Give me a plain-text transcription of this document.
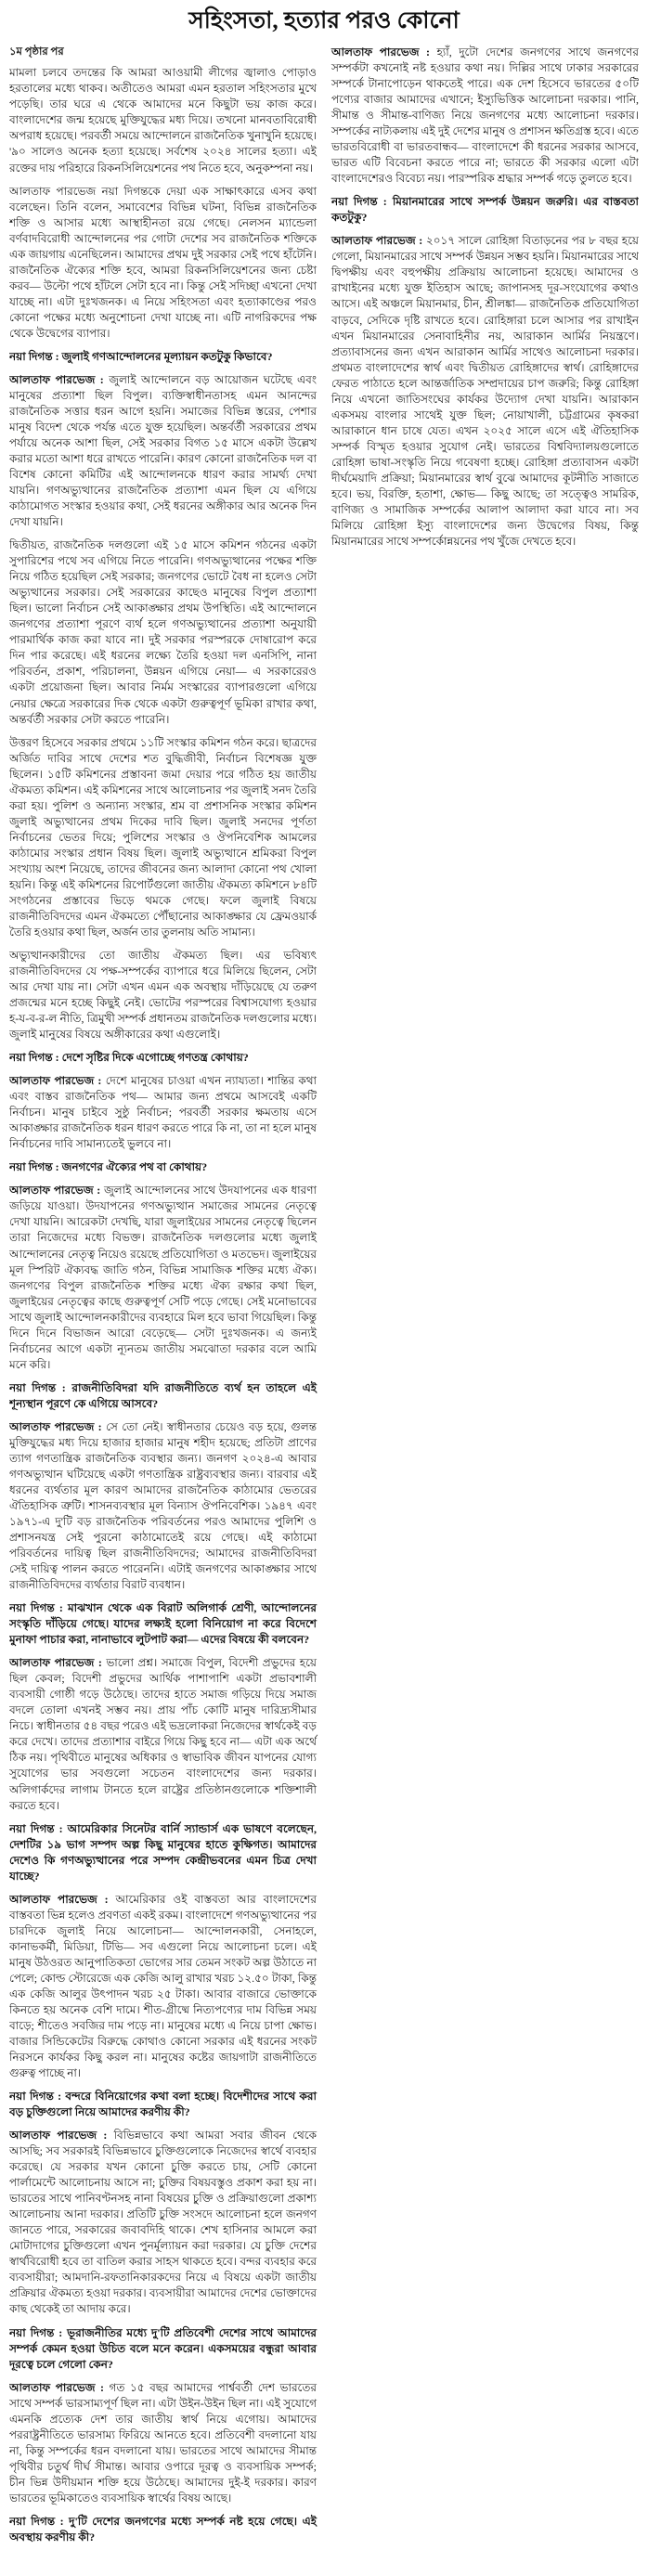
সহিংসতা, হত্যার পরও কোনো

১ম পৃষ্ঠার পর

মামলা চলবে তদন্তের কি আমরা আওয়ামী লীগের জ্বালাও পোড়াও হরতালের মধ্যে থাকব। অতীতেও আমরা এমন হরতাল সহিংসতার মুখে পড়েছি। তার ঘরে এ থেকে আমাদের মনে কিছুটা ভয় কাজ করে। বাংলাদেশের জন্ম হয়েছে মুক্তিযুদ্ধের মধ্য দিয়ে। তখনো মানবতাবিরোধী অপরাধ হয়েছে। পরবর্তী সময়ে আন্দোলনে রাজনৈতিক খুনাখুনি হয়েছে। '৯০ সালেও অনেক হত্যা হয়েছে। সর্বশেষ ২০২৪ সালের হত্যা। এই রক্তের দায় পরিহারে রিকনসিলিয়েশনের পথ নিতে হবে, অনুকম্পনা নয়।

আলতাফ পারভেজ নয়া দিগন্তকে দেয়া এক সাক্ষাৎকারে এসব কথা বলেছেন। তিনি বলেন, সমাবেশের বিভিন্ন ঘটনা, বিভিন্ন রাজনৈতিক শক্তি ও আসার মধ্যে আস্থাহীনতা রয়ে গেছে। নেলসন ম্যান্ডেলা বর্ণবাদবিরোধী আন্দোলনের পর গোটা দেশের সব রাজনৈতিক শক্তিকে এক জায়গায় এনেছিলেন। আমাদের প্রথম দুই সরকার সেই পথে হাঁটেনি। রাজনৈতিক ঐক্যের শক্তি হবে, আমরা রিকনসিলিয়েশনের জন্য চেষ্টা করব— উল্টো পথে হাঁটলে সেটা হবে না। কিন্তু সেই সদিচ্ছা এখনো দেখা যাচ্ছে না। এটা দুঃখজনক। এ নিয়ে সহিংসতা এবং হত্যাকাণ্ডের পরও কোনো পক্ষের মধ্যে অনুশোচনা দেখা যাচ্ছে না। এটি নাগরিকদের পক্ষ থেকে উদ্বেগের ব্যাপার।

নয়া দিগন্ত : জুলাই গণআন্দোলনের মূল্যায়ন কতটুকু কিভাবে?

আলতাফ পারভেজ : জুলাই আন্দোলনে বড় আয়োজন ঘটেছে এবং মানুষের প্রত্যাশা ছিল বিপুল। ব্যক্তিস্বাধীনতাসহ এমন আনন্দের রাজনৈতিক সত্তার ধরন আগে হয়নি। সমাজের বিভিন্ন স্তরের, পেশার মানুষ বিদেশ থেকে পর্যন্ত এতে যুক্ত হয়েছিল। অন্তর্বর্তী সরকারের প্রথম পর্যায়ে অনেক আশা ছিল, সেই সরকার বিগত ১৫ মাসে একটা উল্লেখ করার মতো আশা ধরে রাখতে পারেনি। কারণ কোনো রাজনৈতিক দল বা বিশেষ কোনো কমিটির এই আন্দোলনকে ধারণ করার সামর্থ্য দেখা যায়নি। গণঅভ্যুত্থানের রাজনৈতিক প্রত্যাশা এমন ছিল যে এগিয়ে কাঠামোগত সংস্কার হওয়ার কথা, সেই ধরনের অঙ্গীকার আর অনেক দিন দেখা যায়নি।

দ্বিতীয়ত, রাজনৈতিক দলগুলো এই ১৫ মাসে কমিশন গঠনের একটা সুপারিশের পথে সব এগিয়ে নিতে পারেনি। গণঅভ্যুত্থানের পক্ষের শক্তি নিয়ে গঠিত হয়েছিল সেই সরকার; জনগণের ভোটে বৈধ না হলেও সেটা অভ্যুত্থানের সরকার। সেই সরকারের কাছেও মানুষের বিপুল প্রত্যাশা ছিল। ভালো নির্বাচন সেই আকাঙ্ক্ষার প্রথম উপস্থিতি। এই আন্দোলনে জনগণের প্রত্যাশা পূরণে ব্যর্থ হলে গণঅভ্যুত্থানের প্রত্যাশা অনুযায়ী পারমার্থিক কাজ করা যাবে না। দুই সরকার পরস্পরকে দোষারোপ করে দিন পার করেছে। এই ধরনের লক্ষ্যে তৈরি হওয়া দল এনসিপি, নানা পরিবর্তন, প্রকাশ, পরিচালনা, উন্নয়ন এগিয়ে নেয়া— এ সরকারেরও একটা প্রয়োজনা ছিল। আবার নির্মম সংস্কারের ব্যাপারগুলো এগিয়ে নেয়ার ক্ষেত্রে সরকারের দিক থেকে একটা গুরুত্বপূর্ণ ভূমিকা রাখার কথা, অন্তর্বর্তী সরকার সেটা করতে পারেনি।

উত্তরণ হিসেবে সরকার প্রথমে ১১টি সংস্কার কমিশন গঠন করে। ছাত্রদের অর্জিত দাবির সাথে দেশের শত বুদ্ধিজীবী, নির্বাচন বিশেষজ্ঞ যুক্ত ছিলেন। ১৫টি কমিশনের প্রস্তাবনা জমা দেয়ার পরে গঠিত হয় জাতীয় ঐকমত্য কমিশন। এই কমিশনের সাথে আলোচনার পর জুলাই সনদ তৈরি করা হয়। পুলিশ ও অন্যান্য সংস্কার, শ্রম বা প্রশাসনিক সংস্কার কমিশন জুলাই অভ্যুত্থানের প্রথম দিকের দাবি ছিল। জুলাই সনদের পূর্ণতা নির্বাচনের ভেতর দিয়ে; পুলিশের সংস্কার ও ঔপনিবেশিক আমলের কাঠামোর সংস্কার প্রধান বিষয় ছিল। জুলাই অভ্যুত্থানে শ্রমিকরা বিপুল সংখ্যায় অংশ নিয়েছে, তাদের জীবনের জন্য আলাদা কোনো পথ খোলা হয়নি। কিন্তু এই কমিশনের রিপোর্টগুলো জাতীয় ঐকমত্য কমিশনে ৮৪টি সংগঠনের প্রস্তাবের ভিড়ে থমকে গেছে। ফলে জুলাই বিষয়ে রাজনীতিবিদদের এমন ঐকমত্যে পৌঁছানোর আকাঙ্ক্ষার যে ফ্রেমওয়ার্ক তৈরি হওয়ার কথা ছিল, অর্জন তার তুলনায় অতি সামান্য।

অভ্যুত্থানকারীদের তো জাতীয় ঐকমত্য ছিল। এর ভবিষ্যৎ রাজনীতিবিদদের যে পক্ষ-সম্পর্কের ব্যাপারে ধরে মিলিয়ে ছিলেন, সেটা আর দেখা যায় না। সেটা এখন এমন এক অবস্থায় দাঁড়িয়েছে যে তরুণ প্রজন্মের মনে হচ্ছে কিছুই নেই। ভোটের পরস্পরের বিশ্বাসযোগ্য হওয়ার হ-য-ব-র-ল নীতি, ত্রিমুখী সম্পর্ক প্রধানতম রাজনৈতিক দলগুলোর মধ্যে। জুলাই মানুষের বিষয়ে অঙ্গীকারের কথা এগুলোই।

নয়া দিগন্ত : দেশে সৃষ্টির দিকে এগোচ্ছে গণতন্ত্র কোথায়?

আলতাফ পারভেজ : দেশে মানুষের চাওয়া এখন ন্যায্যতা। শান্তির কথা এবং বাস্তব রাজনৈতিক পথ— আমার জন্য প্রথমে আসবেই একটি নির্বাচন। মানুষ চাইবে সুষ্ঠু নির্বাচন; পরবর্তী সরকার ক্ষমতায় এসে আকাঙ্ক্ষার রাজনৈতিক ধরন ধারণ করতে পারে কি না, তা না হলে মানুষ নির্বাচনের দাবি সামান্যতেই ভুলবে না।

নয়া দিগন্ত : জনগণের ঐক্যের পথ বা কোথায়?

আলতাফ পারভেজ : জুলাই আন্দোলনের সাথে উদযাপনের এক ধারণা জড়িয়ে যাওয়া। উদযাপনের গণঅভ্যুত্থান সমাজের সামনের নেতৃত্বে দেখা যায়নি। আরেকটা দেখছি, যারা জুলাইয়ের সামনের নেতৃত্বে ছিলেন তারা নিজেদের মধ্যে বিভক্ত। রাজনৈতিক দলগুলোর মধ্যে জুলাই আন্দোলনের নেতৃত্ব নিয়েও রয়েছে প্রতিযোগিতা ও মতভেদ। জুলাইয়ের মূল স্পিরিট ঐক্যবদ্ধ জাতি গঠন, বিভিন্ন সামাজিক শক্তির মধ্যে ঐক্য। জনগণের বিপুল রাজনৈতিক শক্তির মধ্যে ঐক্য রক্ষার কথা ছিল, জুলাইয়ের নেতৃত্বের কাছে গুরুত্বপূর্ণ সেটি পড়ে গেছে। সেই মনোভাবের সাথে জুলাই আন্দোলনকারীদের ব্যবহারে মিল হবে ভাবা গিয়েছিল। কিন্তু দিনে দিনে বিভাজন আরো বেড়েছে— সেটা দুঃখজনক। এ জন্যই নির্বাচনের আগে একটা ন্যূনতম জাতীয় সমঝোতা দরকার বলে আমি মনে করি।

নয়া দিগন্ত : রাজনীতিবিদরা যদি রাজনীতিতে ব্যর্থ হন তাহলে এই শূন্যস্থান পূরণে কে এগিয়ে আসবে?

আলতাফ পারভেজ : সে তো নেই। স্বাধীনতার চেয়েও বড় হয়ে, গুলন্ত মুক্তিযুদ্ধের মধ্য দিয়ে হাজার হাজার মানুষ শহীদ হয়েছে; প্রতিটা প্রাণের ত্যাগ গণতান্ত্রিক রাজনৈতিক ব্যবস্থার জন্য। জনগণ ২০২৪-এ আবার গণঅভ্যুত্থান ঘটিয়েছে একটা গণতান্ত্রিক রাষ্ট্রব্যবস্থার জন্য। বারবার এই ধরনের ব্যর্থতার মূল কারণ আমাদের রাজনৈতিক কাঠামোর ভেতরের ঐতিহাসিক ত্রুটি। শাসনব্যবস্থার মূল বিন্যাস ঔপনিবেশিক। ১৯৪৭ এবং ১৯৭১-এ দু'টি বড় রাজনৈতিক পরিবর্তনের পরও আমাদের পুলিশি ও প্রশাসনযন্ত্র সেই পুরনো কাঠামোতেই রয়ে গেছে। এই কাঠামো পরিবর্তনের দায়িত্ব ছিল রাজনীতিবিদদের; আমাদের রাজনীতিবিদরা সেই দায়িত্ব পালন করতে পারেননি। এটাই জনগণের আকাঙ্ক্ষার সাথে রাজনীতিবিদদের ব্যর্থতার বিরাট ব্যবধান।

নয়া দিগন্ত : মাঝখান থেকে এক বিরাট অলিগার্ক শ্রেণী, আন্দোলনের সংস্কৃতি দাঁড়িয়ে গেছে। যাদের লক্ষ্যই হলো বিনিয়োগ না করে বিদেশে মুনাফা পাচার করা, নানাভাবে লুটপাট করা— এদের বিষয়ে কী বলবেন?

আলতাফ পারভেজ : ভালো প্রশ্ন। সমাজে বিপুল, বিদেশী প্রভুদের হয়ে ছিল কেবল; বিদেশী প্রভুদের আর্থিক পাশাপাশি একটা প্রভাবশালী ব্যবসায়ী গোষ্ঠী গড়ে উঠেছে। তাদের হাতে সমাজ গড়িয়ে দিয়ে সমাজ বদলে তোলা এখনই সম্ভব নয়। প্রায় পাঁচ কোটি মানুষ দারিদ্র্যসীমার নিচে। স্বাধীনতার ৫৪ বছর পরেও এই ভদ্রলোকরা নিজেদের স্বার্থকেই বড় করে দেখে। তাদের প্রত্যাশার বাইরে গিয়ে কিছু হবে না— এটা এক অর্থে ঠিক নয়। পৃথিবীতে মানুষের অধিকার ও স্বাভাবিক জীবন যাপনের যোগ্য সুযোগের ভার সবগুলো সচেতন বাংলাদেশের জন্য দরকার। অলিগার্কদের লাগাম টানতে হলে রাষ্ট্রের প্রতিষ্ঠানগুলোকে শক্তিশালী করতে হবে।

নয়া দিগন্ত : আমেরিকার সিনেটর বার্নি স্যান্ডার্স এক ভাষণে বলেছেন, দেশটির ১৯ ভাগ সম্পদ অল্প কিছু মানুষের হাতে কুক্ষিগত। আমাদের দেশেও কি গণঅভ্যুত্থানের পরে সম্পদ কেন্দ্রীভবনের এমন চিত্র দেখা যাচ্ছে?

আলতাফ পারভেজ : আমেরিকার ওই বাস্তবতা আর বাংলাদেশের বাস্তবতা ভিন্ন হলেও প্রবণতা একই রকম। বাংলাদেশে গণঅভ্যুত্থানের পর চারদিকে জুলাই নিয়ে আলোচনা— আন্দোলনকারী, সেনাহলে, কানাভকর্মী, মিডিয়া, টিভি— সব এগুলো নিয়ে আলোচনা চলে। এই মানুষ উঠওরত আনুপাতিকতা ভোগের সার তেমন সংকট অল্প উঠাতে না পেলে; কোল্ড স্টোরেজে এক কেজি আলু রাখার খরচ ১২.৫০ টাকা, কিন্তু এক কেজি আলুর উৎপাদন খরচ ২৫ টাকা। আবার বাজারে ভোক্তাকে কিনতে হয় অনেক বেশি দামে। শীত-গ্রীষ্মে নিত্যপণ্যের দাম বিভিন্ন সময় বাড়ে; শীতেও সবজির দাম পড়ে না। মানুষের মধ্যে এ নিয়ে চাপা ক্ষোভ। বাজার সিন্ডিকেটের বিরুদ্ধে কোথাও কোনো সরকার এই ধরনের সংকট নিরসনে কার্যকর কিছু করল না। মানুষের কষ্টের জায়গাটা রাজনীতিতে গুরুত্ব পাচ্ছে না।

নয়া দিগন্ত : বন্দরে বিনিয়োগের কথা বলা হচ্ছে। বিদেশীদের সাথে করা বড় চুক্তিগুলো নিয়ে আমাদের করণীয় কী?

আলতাফ পারভেজ : বিভিন্নভাবে কথা আমরা সবার জীবন থেকে আসছি; সব সরকারই বিভিন্নভাবে চুক্তিগুলোকে নিজেদের স্বার্থে ব্যবহার করেছে। যে সরকার যখন কোনো চুক্তি করতে চায়, সেটি কোনো পার্লামেন্টে আলোচনায় আসে না; চুক্তির বিষয়বস্তুও প্রকাশ করা হয় না। ভারতের সাথে পানিবণ্টনসহ নানা বিষয়ের চুক্তি ও প্রক্রিয়াগুলো প্রকাশ্য আলোচনায় আনা দরকার। প্রতিটি চুক্তি সংসদে আলোচনা হলে জনগণ জানতে পারে, সরকারের জবাবদিহি থাকে। শেখ হাসিনার আমলে করা মোটাদাগের চুক্তিগুলো এখন পুনর্মূল্যায়ন করা দরকার। যে চুক্তি দেশের স্বার্থবিরোধী হবে তা বাতিল করার সাহস থাকতে হবে। বন্দর ব্যবহার করে ব্যবসায়ীরা; আমদানি-রফতানিকারকদের নিয়ে এ বিষয়ে একটা জাতীয় প্রক্রিয়ার ঐকমত্য হওয়া দরকার। ব্যবসায়ীরা আমাদের দেশের ভোক্তাদের কাছ থেকেই তা আদায় করে।

নয়া দিগন্ত : ভূরাজনীতির মধ্যে দু'টি প্রতিবেশী দেশের সাথে আমাদের সম্পর্ক কেমন হওয়া উচিত বলে মনে করেন। একসময়ের বন্ধুরা আবার দূরত্বে চলে গেলো কেন?

আলতাফ পারভেজ : গত ১৫ বছর আমাদের পার্শ্ববর্তী দেশ ভারতের সাথে সম্পর্ক ভারসাম্যপূর্ণ ছিল না। এটা উইন-উইন ছিল না। এই সুযোগে এমনকি প্রত্যেক দেশ তার জাতীয় স্বার্থ নিয়ে এগোয়। আমাদের পররাষ্ট্রনীতিতে ভারসাম্য ফিরিয়ে আনতে হবে। প্রতিবেশী বদলানো যায় না, কিন্তু সম্পর্কের ধরন বদলানো যায়। ভারতের সাথে আমাদের সীমান্ত পৃথিবীর চতুর্থ দীর্ঘ সীমান্ত। আবার ওপারে দূরত্ব ও ব্যবসায়িক সম্পর্ক; চীন ভিন্ন উদীয়মান শক্তি হয়ে উঠেছে। আমাদের দুই-ই দরকার। কারণ ভারতের ভূমিকাতেও ব্যবসায়িক স্বার্থের বিষয় আছে।

নয়া দিগন্ত : দু'টি দেশের জনগণের মধ্যে সম্পর্ক নষ্ট হয়ে গেছে। এই অবস্থায় করণীয় কী?

আলতাফ পারভেজ : হ্যাঁ, দুটো দেশের জনগণের সাথে জনগণের সম্পর্কটা কখনোই নষ্ট হওয়ার কথা নয়। দিল্লির সাথে ঢাকার সরকারের সম্পর্কে টানাপোড়েন থাকতেই পারে। এক দেশ হিসেবে ভারতের ৫০টি পণ্যের বাজার আমাদের এখানে; ইস্যুভিত্তিক আলোচনা দরকার। পানি, সীমান্ত ও সীমান্ত-বাণিজ্য নিয়ে জনগণের মধ্যে আলোচনা দরকার। সম্পর্কের নাট্যকলায় এই দুই দেশের মানুষ ও প্রশাসন ক্ষতিগ্রস্ত হবে। এতে ভারতবিরোধী বা ভারতবান্ধব— বাংলাদেশে কী ধরনের সরকার আসবে, ভারত এটি বিবেচনা করতে পারে না; ভারতে কী সরকার এলো এটা বাংলাদেশেরও বিবেচ্য নয়। পারস্পরিক শ্রদ্ধার সম্পর্ক গড়ে তুলতে হবে।

নয়া দিগন্ত : মিয়ানমারের সাথে সম্পর্ক উন্নয়ন জরুরি। এর বাস্তবতা কতটুকু?

আলতাফ পারভেজ : ২০১৭ সালে রোহিঙ্গা বিতাড়নের পর ৮ বছর হয়ে গেলো, মিয়ানমারের সাথে সম্পর্ক উন্নয়ন সম্ভব হয়নি। মিয়ানমারের সাথে দ্বিপক্ষীয় এবং বহুপক্ষীয় প্রক্রিয়ায় আলোচনা হয়েছে। আমাদের ও রাখাইনের মধ্যে যুক্ত ইতিহাস আছে; জাপানসহ দূর-সংযোগের কথাও আসে। এই অঞ্চলে মিয়ানমার, চীন, শ্রীলঙ্কা— রাজনৈতিক প্রতিযোগিতা বাড়বে, সেদিকে দৃষ্টি রাখতে হবে। রোহিঙ্গারা চলে আসার পর রাখাইন এখন মিয়ানমারের সেনাবাহিনীর নয়, আরাকান আর্মির নিয়ন্ত্রণে। প্রত্যাবাসনের জন্য এখন আরাকান আর্মির সাথেও আলোচনা দরকার। প্রথমত বাংলাদেশের স্বার্থ এবং দ্বিতীয়ত রোহিঙ্গাদের স্বার্থ। রোহিঙ্গাদের ফেরত পাঠাতে হলে আন্তর্জাতিক সম্প্রদায়ের চাপ জরুরি; কিন্তু রোহিঙ্গা নিয়ে এখনো জাতিসংঘের কার্যকর উদ্যোগ দেখা যায়নি। আরাকান একসময় বাংলার সাথেই যুক্ত ছিল; নোয়াখালী, চট্টগ্রামের কৃষকরা আরাকানে ধান চাষে যেত। এখন ২০২৫ সালে এসে এই ঐতিহাসিক সম্পর্ক বিস্মৃত হওয়ার সুযোগ নেই। ভারতের বিশ্ববিদ্যালয়গুলোতে রোহিঙ্গা ভাষা-সংস্কৃতি নিয়ে গবেষণা হচ্ছে। রোহিঙ্গা প্রত্যাবাসন একটা দীর্ঘমেয়াদি প্রক্রিয়া; মিয়ানমারের স্বার্থ বুঝে আমাদের কূটনীতি সাজাতে হবে। ভয়, বিরক্তি, হতাশা, ক্ষোভ— কিছু আছে; তা সত্ত্বেও সামরিক, বাণিজ্য ও সামাজিক সম্পর্কের আলাপ আলাদা করা যাবে না। সব মিলিয়ে রোহিঙ্গা ইস্যু বাংলাদেশের জন্য উদ্বেগের বিষয়, কিন্তু মিয়ানমারের সাথে সম্পর্কোন্নয়নের পথ খুঁজে দেখতে হবে।
